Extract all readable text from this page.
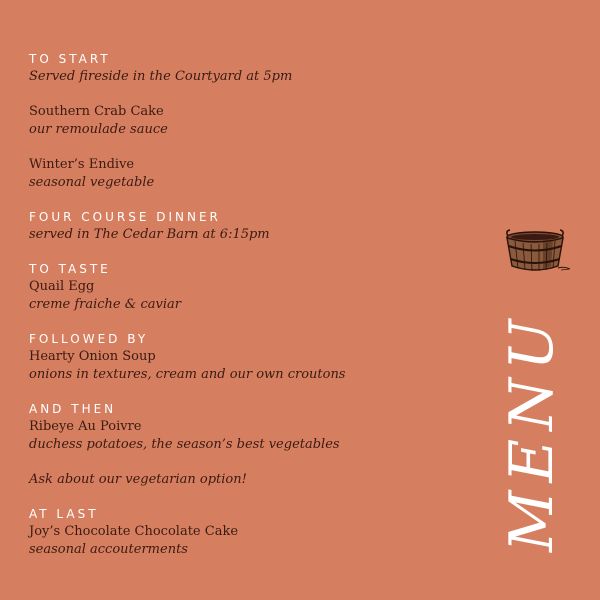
TO START
Served fireside in the Courtyard at 5pm
Southern Crab Cake
our remoulade sauce
Winter’s Endive
seasonal vegetable
FOUR COURSE DINNER
served in The Cedar Barn at 6:15pm
TO TASTE
Quail Egg
creme fraiche & caviar
FOLLOWED BY
Hearty Onion Soup
onions in textures, cream and our own croutons
AND THEN
Ribeye Au Poivre
duchess potatoes, the season’s best vegetables
Ask about our vegetarian option!
AT LAST
Joy’s Chocolate Chocolate Cake
seasonal accouterments	MENU
